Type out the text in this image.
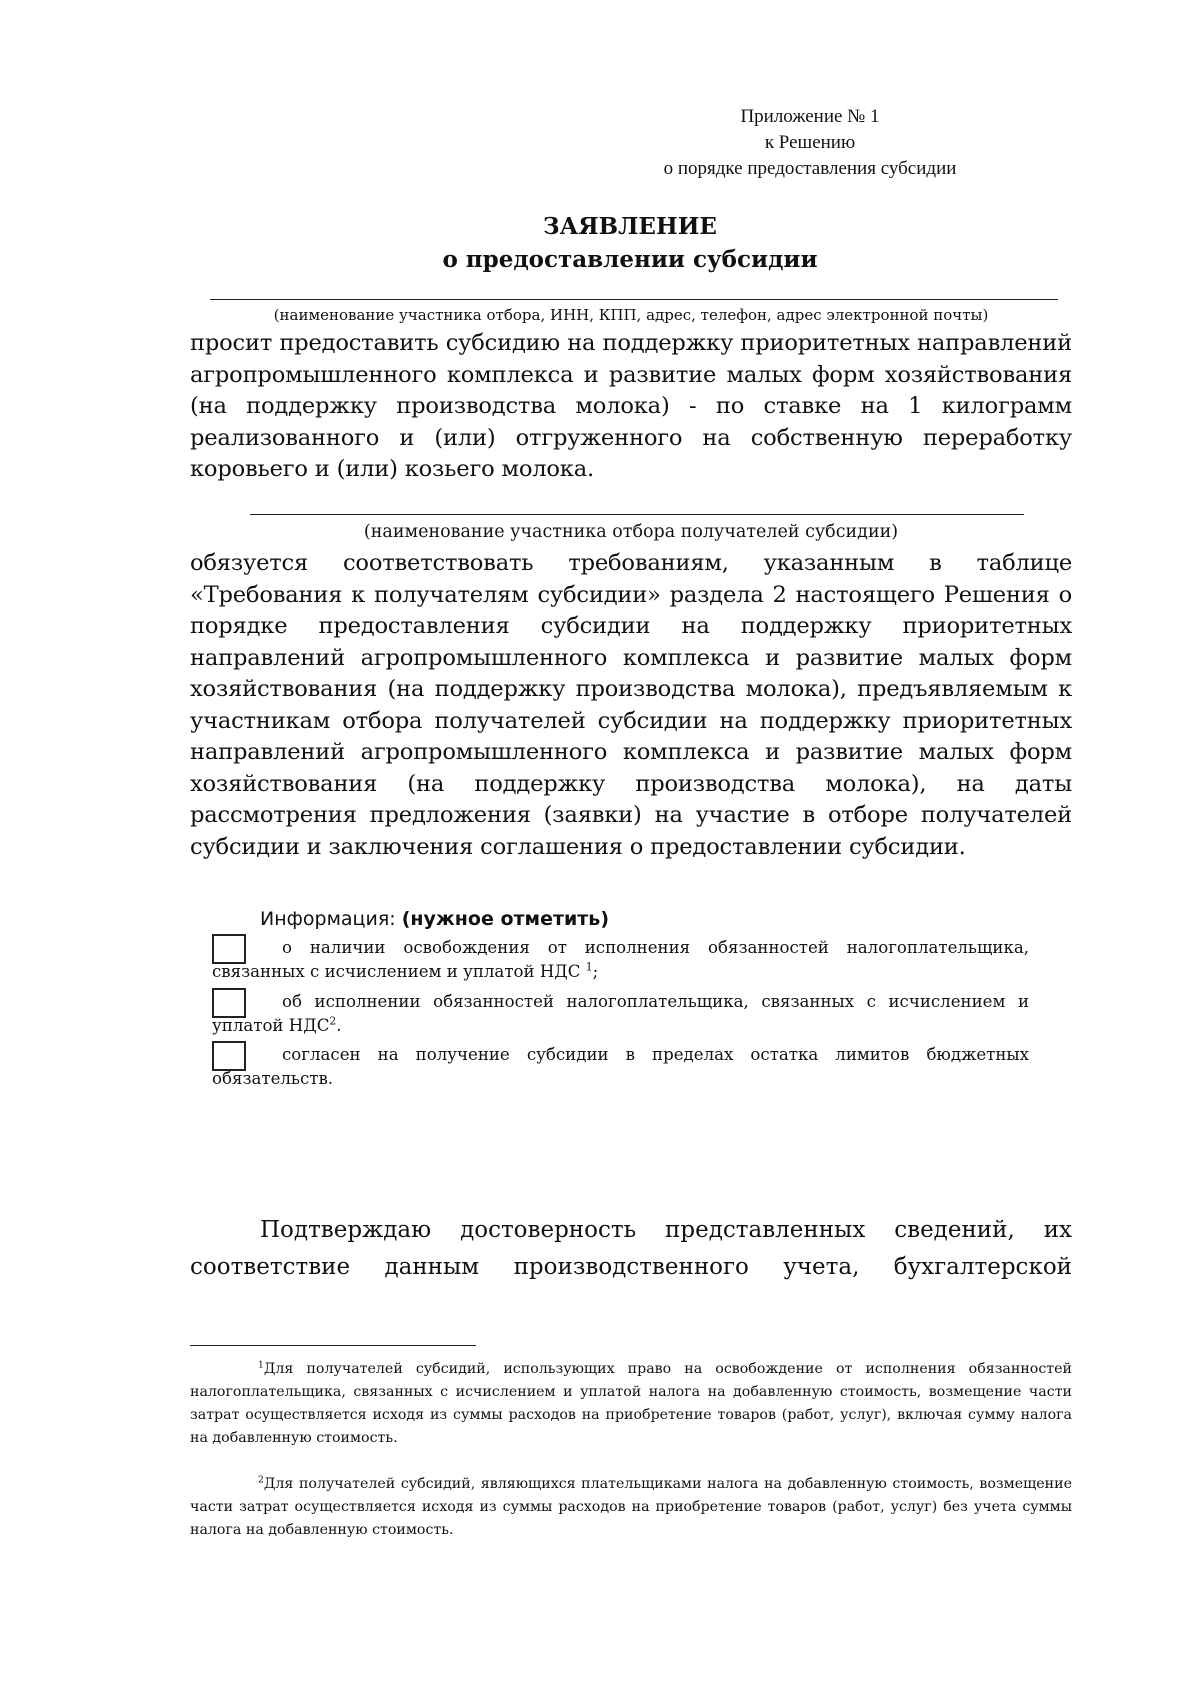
Приложение № 1
к Решению
о порядке предоставления субсидии
ЗАЯВЛЕНИЕ
о предоставлении субсидии
(наименование участника отбора, ИНН, КПП, адрес, телефон, адрес электронной почты)
просит предоставить субсидию на поддержку приоритетных направлений агропромышленного комплекса и развитие малых форм хозяйствования (на поддержку производства молока) - по ставке на 1 килограмм реализованного и (или) отгруженного на собственную переработку коровьего и (или) козьего молока.
(наименование участника отбора получателей субсидии)
обязуется соответствовать требованиям, указанным в таблице «Требования к получателям субсидии» раздела 2 настоящего Решения о порядке предоставления субсидии на поддержку приоритетных направлений агропромышленного комплекса и развитие малых форм хозяйствования (на поддержку производства молока), предъявляемым к участникам отбора получателей субсидии на поддержку приоритетных направлений агропромышленного комплекса и развитие малых форм хозяйствования (на поддержку производства молока), на даты рассмотрения предложения (заявки) на участие в отборе получателей субсидии и заключения соглашения о предоставлении субсидии.
Информация: (нужное отметить)
о наличии освобождения от исполнения обязанностей налогоплательщика, связанных с исчислением и уплатой НДС $^1$;
об исполнении обязанностей налогоплательщика, связанных с исчислением и уплатой НДС$^2$.
согласен на получение субсидии в пределах остатка лимитов бюджетных обязательств.
Подтверждаю достоверность представленных сведений, их соответствие данным производственного учета, бухгалтерской
$^1$Для получателей субсидий, использующих право на освобождение от исполнения обязанностей налогоплательщика, связанных с исчислением и уплатой налога на добавленную стоимость, возмещение части затрат осуществляется исходя из суммы расходов на приобретение товаров (работ, услуг), включая сумму налога на добавленную стоимость.
$^2$Для получателей субсидий, являющихся плательщиками налога на добавленную стоимость, возмещение части затрат осуществляется исходя из суммы расходов на приобретение товаров (работ, услуг) без учета суммы налога на добавленную стоимость.
